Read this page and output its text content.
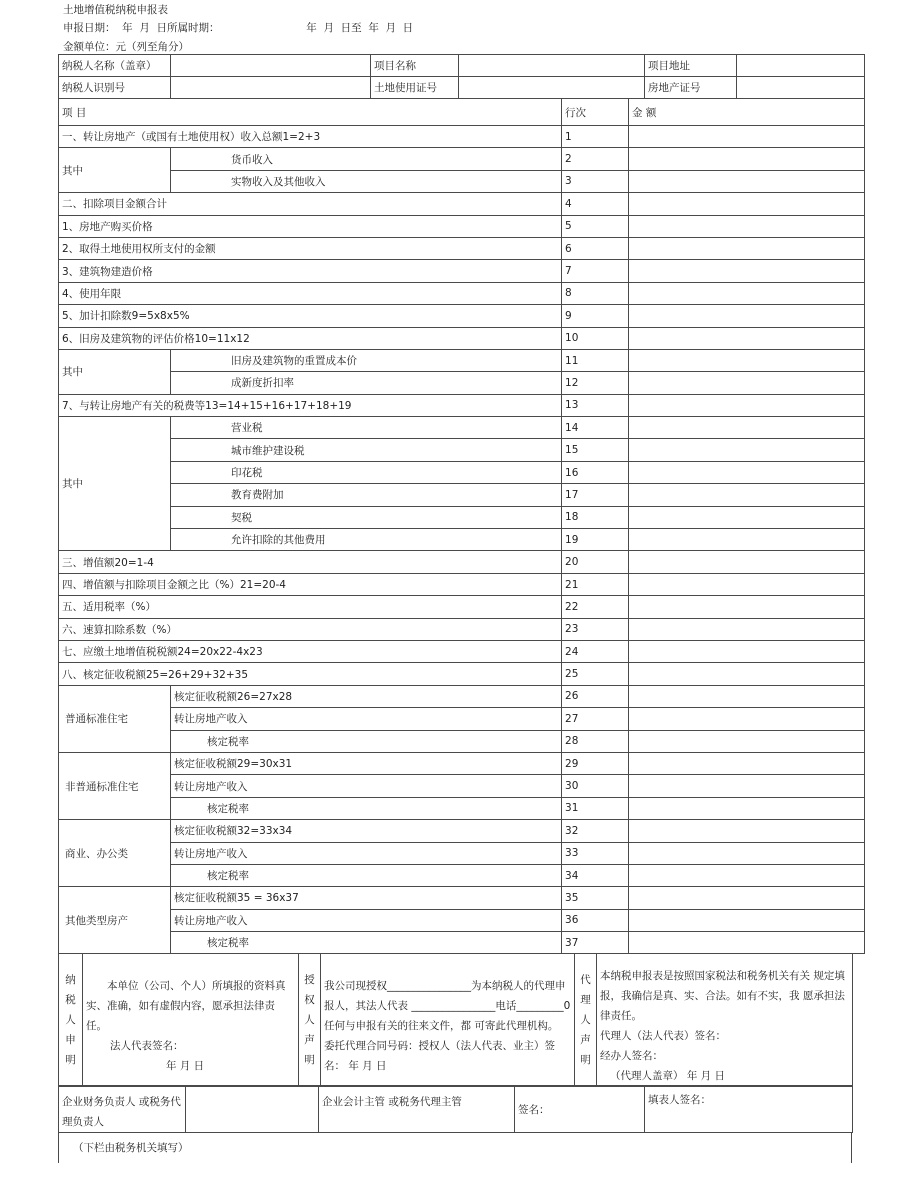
土地增值税纳税申报表
申报日期：  年  月  日所属时期：                          年  月  日至  年  月  日
金额单位：元（列至角分）
纳税人名称（盖章）		项目名称		项目地址	
纳税人识别号		土地使用证号		房地产证号	
项 目		行次	金 额
一、转让房地产（或国有土地使用权）收入总额1=2+3		1	
其中	货币收入	2	
	实物收入及其他收入	3	
二、扣除项目金额合计		4	
1、房地产购买价格		5	
2、取得土地使用权所支付的金额		6	
3、建筑物建造价格		7	
4、使用年限		8	
5、加计扣除数9=5x8x5%		9	
6、旧房及建筑物的评估价格10=11x12		10	
其中	旧房及建筑物的重置成本价	11	
	成新度折扣率	12	
7、与转让房地产有关的税费等13=14+15+16+17+18+19		13	
其中	营业税	14	
	城市维护建设税	15	
	印花税	16	
	教育费附加	17	
	契税	18	
	允许扣除的其他费用	19	
三、增值额20=1-4		20	
四、增值额与扣除项目金额之比（%）21=20-4		21	
五、适用税率（%）		22	
六、速算扣除系数（%）		23	
七、应缴土地增值税税额24=20x22-4x23		24	
八、核定征收税额25=26+29+32+35		25	
普通标准住宅	核定征收税额26=27x28	26	
	转让房地产收入	27	
	核定税率	28	
非普通标准住宅	核定征收税额29=30x31	29	
	转让房地产收入	30	
	核定税率	31	
商业、办公类	核定征收税额32=33x34	32	
	转让房地产收入	33	
	核定税率	34	
其他类型房产	核定征收税额35 = 36x37	35	
	转让房地产收入	36	
	核定税率	37	
纳税人申明	
本单位（公司、个人）所填报的资料真实、准确，如有虚假内容，愿承担法律责任。
法人代表签名：
年 月 日
	授权人声明	
我公司现授权________________为本纳税人的代理申报人，其法人代表 ________________电话_________0任何与申报有关的往来文件，都 可寄此代理机构。 委托代理合同号码：授权人（法人代表、业主）签名： 年 月 日
	代理人声明	
本纳税申报表是按照国家税法和税务机关有关 规定填报，我确信是真、实、合法。如有不实，我 愿承担法律责任。
代理人（法人代表）签名：
经办人签名：
（代理人盖章） 年 月 日
企业财务负责人 或税务代理负责人		企业会计主管 或税务代理主管	签名：	填表人签名：
（下栏由税务机关填写）
